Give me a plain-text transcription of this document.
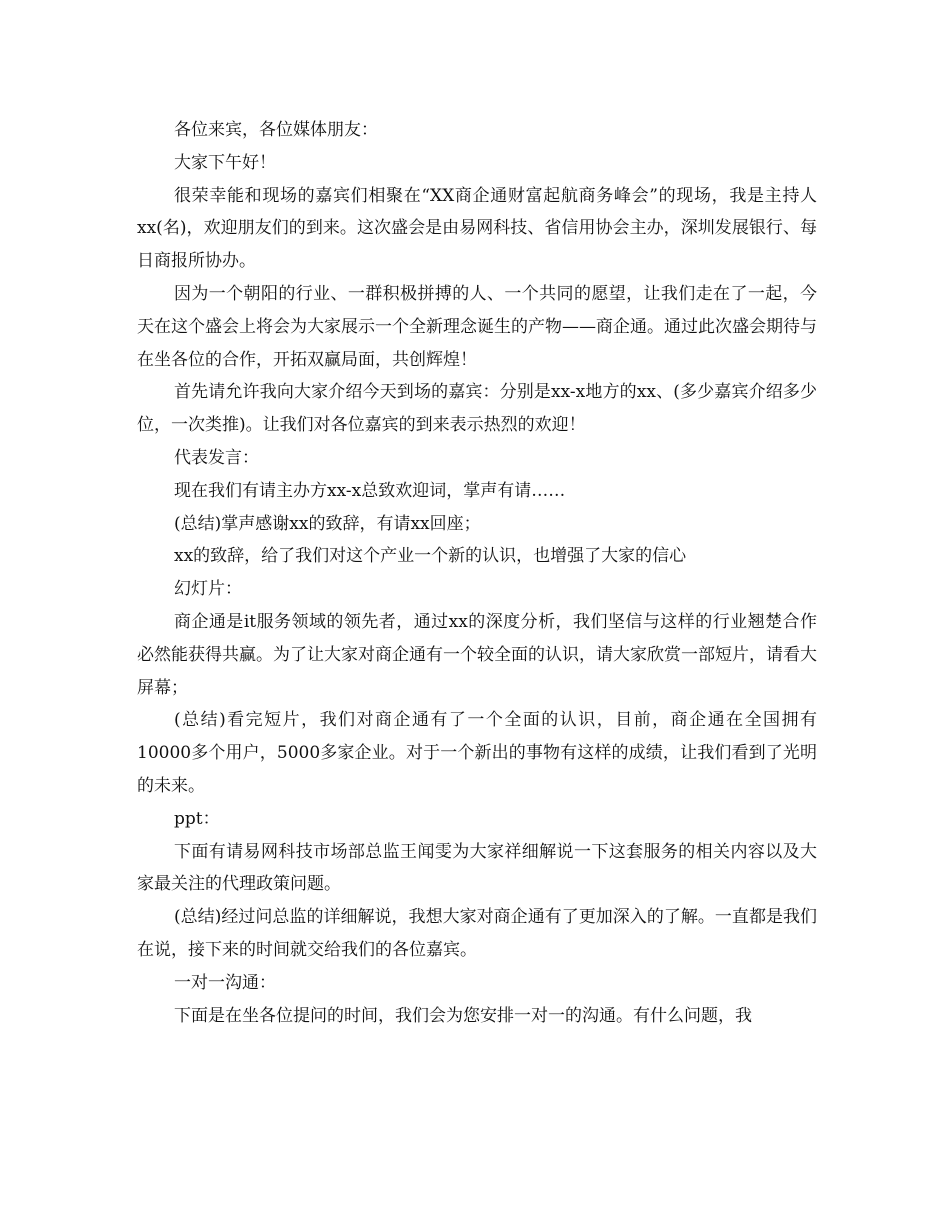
各位来宾，各位媒体朋友：

大家下午好！

很荣幸能和现场的嘉宾们相聚在“XX商企通财富起航商务峰会”的现场，我是主持人xx(名)，欢迎朋友们的到来。这次盛会是由易网科技、省信用协会主办，深圳发展银行、每日商报所协办。

因为一个朝阳的行业、一群积极拼搏的人、一个共同的愿望，让我们走在了一起，今天在这个盛会上将会为大家展示一个全新理念诞生的产物——商企通。通过此次盛会期待与在坐各位的合作，开拓双赢局面，共创辉煌！

首先请允许我向大家介绍今天到场的嘉宾：分别是xx-x地方的xx、(多少嘉宾介绍多少位，一次类推)。让我们对各位嘉宾的到来表示热烈的欢迎！

代表发言：

现在我们有请主办方xx-x总致欢迎词，掌声有请……

(总结)掌声感谢xx的致辞，有请xx回座；

xx的致辞，给了我们对这个产业一个新的认识，也增强了大家的信心

幻灯片：

商企通是it服务领域的领先者，通过xx的深度分析，我们坚信与这样的行业翘楚合作必然能获得共赢。为了让大家对商企通有一个较全面的认识，请大家欣赏一部短片，请看大屏幕；

(总结)看完短片，我们对商企通有了一个全面的认识，目前，商企通在全国拥有10000多个用户，5000多家企业。对于一个新出的事物有这样的成绩，让我们看到了光明的未来。

ppt：

下面有请易网科技市场部总监王闻雯为大家祥细解说一下这套服务的相关内容以及大家最关注的代理政策问题。

(总结)经过问总监的详细解说，我想大家对商企通有了更加深入的了解。一直都是我们在说，接下来的时间就交给我们的各位嘉宾。

一对一沟通：

下面是在坐各位提问的时间，我们会为您安排一对一的沟通。有什么问题，我
